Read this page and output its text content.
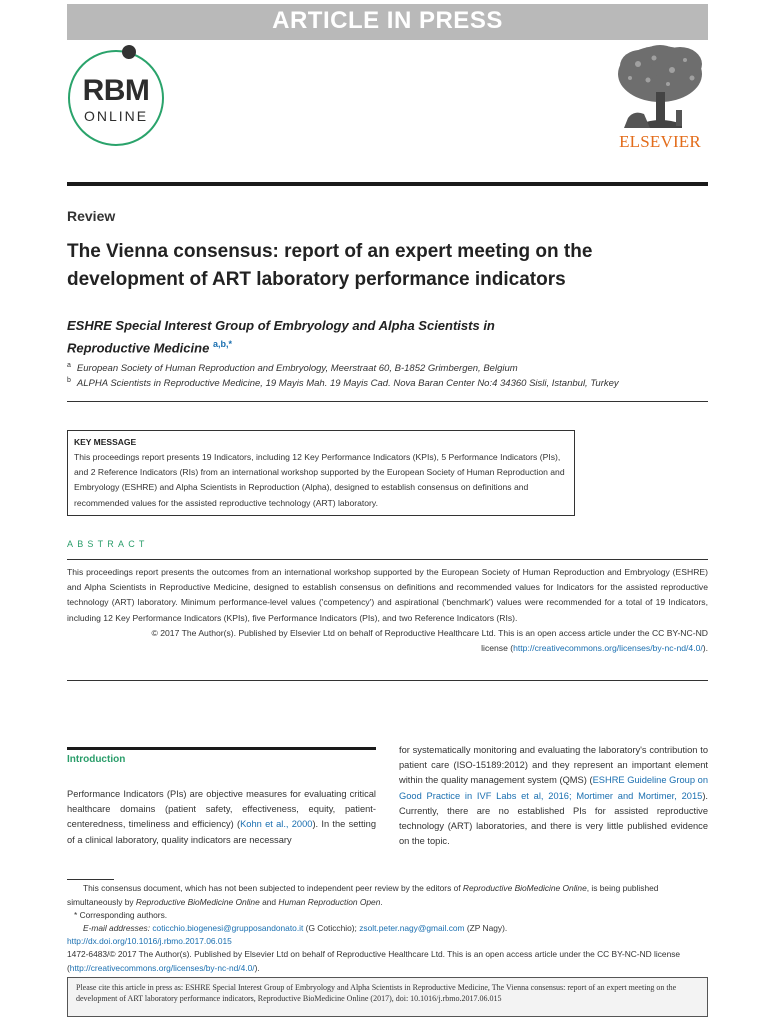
ARTICLE IN PRESS
RBM
ONLINE
ELSEVIER
Review
The Vienna consensus: report of an expert meeting on the development of ART laboratory performance indicators
ESHRE Special Interest Group of Embryology and Alpha Scientists in
Reproductive Medicine $^{a,b,*}$
$^a$ European Society of Human Reproduction and Embryology, Meerstraat 60, B-1852 Grimbergen, Belgium
$^b$ ALPHA Scientists in Reproductive Medicine, 19 Mayis Mah. 19 Mayis Cad. Nova Baran Center No:4 34360 Sisli, Istanbul, Turkey
KEY MESSAGE
This proceedings report presents 19 Indicators, including 12 Key Performance Indicators (KPIs), 5 Performance Indicators (PIs), and 2 Reference Indicators (RIs) from an international workshop supported by the European Society of Human Reproduction and Embryology (ESHRE) and Alpha Scientists in Reproduction (Alpha), designed to establish consensus on definitions and recommended values for the assisted reproductive technology (ART) laboratory.
ABSTRACT

This proceedings report presents the outcomes from an international workshop supported by the European Society of Human Reproduction and Embryology (ESHRE) and Alpha Scientists in Reproductive Medicine, designed to establish consensus on definitions and recommended values for Indicators for the assisted reproductive technology (ART) laboratory. Minimum performance-level values ('competency') and aspirational ('benchmark') values were recommended for a total of 19 Indicators, including 12 Key Performance Indicators (KPIs), five Performance Indicators (PIs), and two Reference Indicators (RIs).

© 2017 The Author(s). Published by Elsevier Ltd on behalf of Reproductive Healthcare Ltd. This is an open access article under the CC BY-NC-ND

license (http://creativecommons.org/licenses/by-nc-nd/4.0/).

Introduction
Performance Indicators (PIs) are objective measures for evaluating critical healthcare domains (patient safety, effectiveness, equity, patient-centeredness, timeliness and efficiency) (Kohn et al., 2000). In the setting of a clinical laboratory, quality indicators are necessary
for systematically monitoring and evaluating the laboratory's contribution to patient care (ISO-15189:2012) and they represent an important element within the quality management system (QMS) (ESHRE Guideline Group on Good Practice in IVF Labs et al, 2016; Mortimer and Mortimer, 2015). Currently, there are no established PIs for assisted reproductive technology (ART) laboratories, and there is very little published evidence on the topic.
This consensus document, which has not been subjected to independent peer review by the editors of Reproductive BioMedicine Online, is being published simultaneously by Reproductive BioMedicine Online and Human Reproduction Open.
* Corresponding authors.
E-mail addresses: coticchio.biogenesi@grupposandonato.it (G Coticchio); zsolt.peter.nagy@gmail.com (ZP Nagy).
http://dx.doi.org/10.1016/j.rbmo.2017.06.015
1472-6483/© 2017 The Author(s). Published by Elsevier Ltd on behalf of Reproductive Healthcare Ltd. This is an open access article under the CC BY-NC-ND license (http://creativecommons.org/licenses/by-nc-nd/4.0/).
Please cite this article in press as: ESHRE Special Interest Group of Embryology and Alpha Scientists in Reproductive Medicine, The Vienna consensus: report of an expert meeting on the development of ART laboratory performance indicators, Reproductive BioMedicine Online (2017), doi: 10.1016/j.rbmo.2017.06.015
